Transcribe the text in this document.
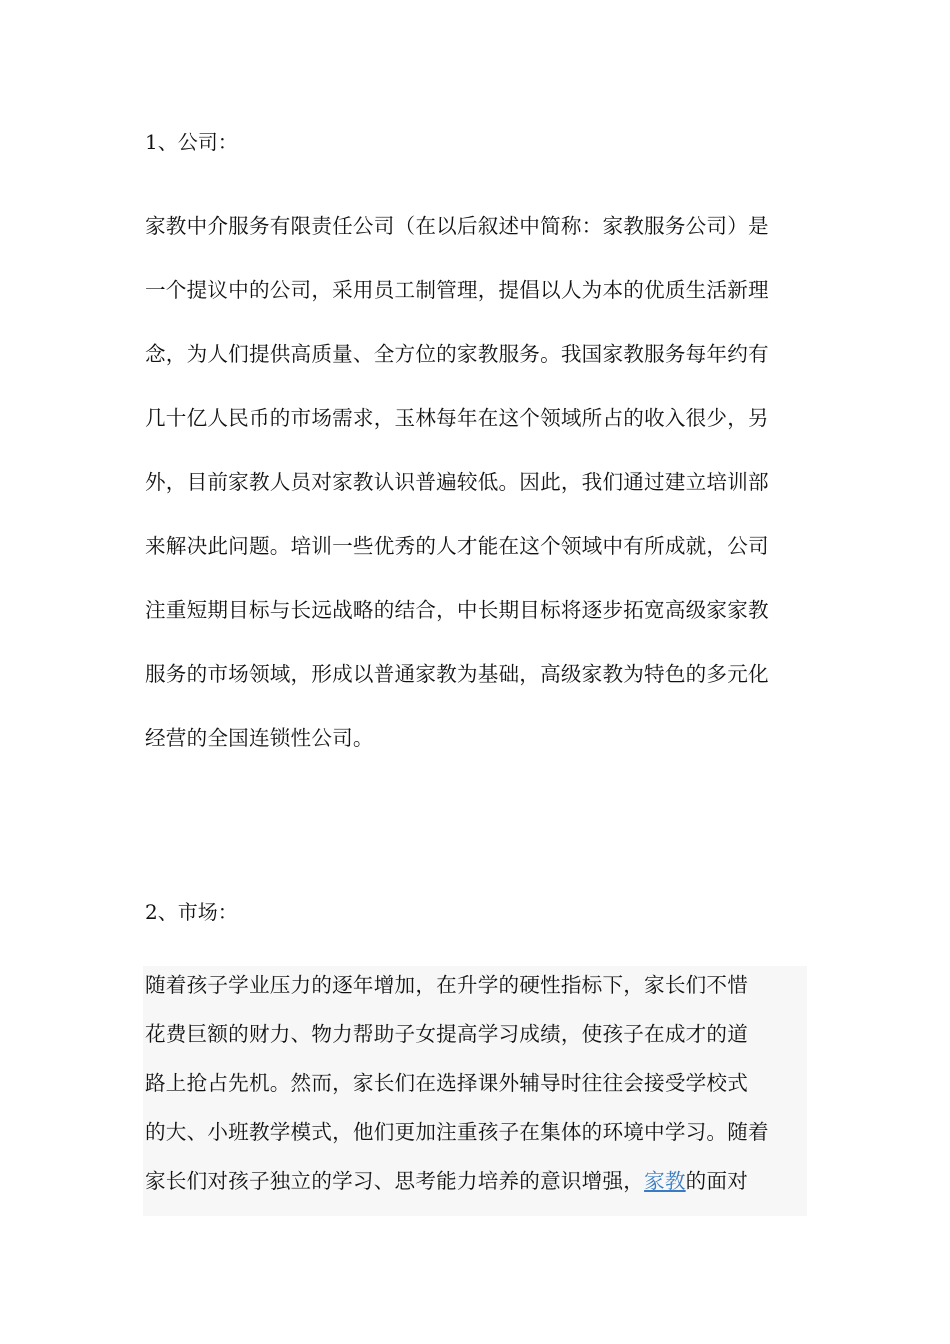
1、公司：
家教中介服务有限责任公司（在以后叙述中简称：家教服务公司）是
一个提议中的公司，采用员工制管理，提倡以人为本的优质生活新理
念，为人们提供高质量、全方位的家教服务。我国家教服务每年约有
几十亿人民币的市场需求，玉林每年在这个领域所占的收入很少，另
外，目前家教人员对家教认识普遍较低。因此，我们通过建立培训部
来解决此问题。培训一些优秀的人才能在这个领域中有所成就，公司
注重短期目标与长远战略的结合，中长期目标将逐步拓宽高级家家教
服务的市场领域，形成以普通家教为基础，高级家教为特色的多元化
经营的全国连锁性公司。
2、市场：
随着孩子学业压力的逐年增加，在升学的硬性指标下，家长们不惜
花费巨额的财力、物力帮助子女提高学习成绩，使孩子在成才的道
路上抢占先机。然而，家长们在选择课外辅导时往往会接受学校式
的大、小班教学模式，他们更加注重孩子在集体的环境中学习。随着
家长们对孩子独立的学习、思考能力培养的意识增强，家教的面对
